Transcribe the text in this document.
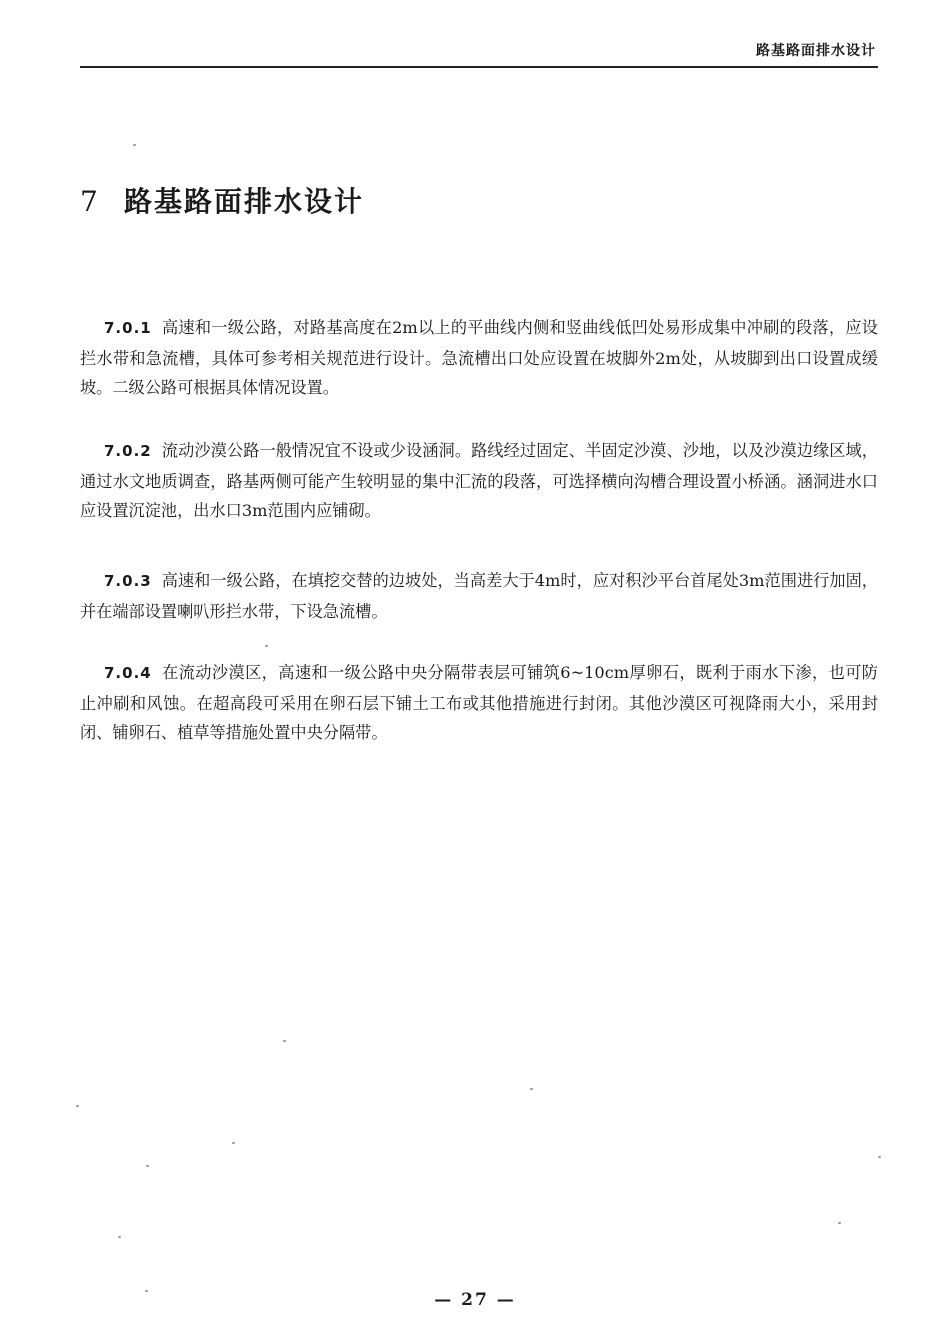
路基路面排水设计
7 路基路面排水设计
7.0.1 高速和一级公路，对路基高度在2m以上的平曲线内侧和竖曲线低凹处易形成集中冲刷的段落，应设拦水带和急流槽，具体可参考相关规范进行设计。急流槽出口处应设置在坡脚外2m处，从坡脚到出口设置成缓坡。二级公路可根据具体情况设置。
7.0.2 流动沙漠公路一般情况宜不设或少设涵洞。路线经过固定、半固定沙漠、沙地，以及沙漠边缘区域，通过水文地质调查，路基两侧可能产生较明显的集中汇流的段落，可选择横向沟槽合理设置小桥涵。涵洞进水口应设置沉淀池，出水口3m范围内应铺砌。
7.0.3 高速和一级公路，在填挖交替的边坡处，当高差大于4m时，应对积沙平台首尾处3m范围进行加固，并在端部设置喇叭形拦水带，下设急流槽。
7.0.4 在流动沙漠区，高速和一级公路中央分隔带表层可铺筑6~10cm厚卵石，既利于雨水下渗，也可防止冲刷和风蚀。在超高段可采用在卵石层下铺土工布或其他措施进行封闭。其他沙漠区可视降雨大小，采用封闭、铺卵石、植草等措施处置中央分隔带。
— 27 —
